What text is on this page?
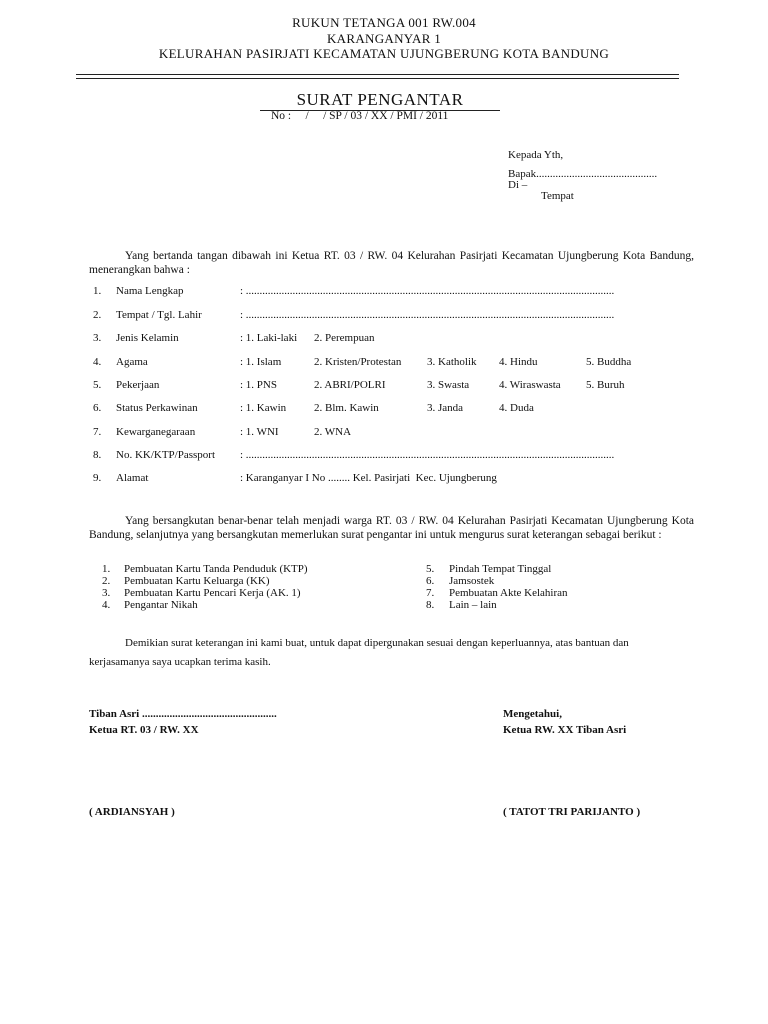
RUKUN TETANGA 001 RW.004
KARANGANYAR 1
KELURAHAN PASIRJATI KECAMATAN UJUNGBERUNG KOTA BANDUNG
SURAT PENGANTAR
No :     /     / SP / 03 / XX / PMI / 2011
Kepada Yth,
Bapak............................................
Di –
Tempat
Yang bertanda tangan dibawah ini Ketua RT. 03 / RW. 04 Kelurahan Pasirjati Kecamatan Ujungberung Kota Bandung, menerangkan bahwa :
1. Nama Lengkap	: ......................................................................................................................................
2. Tempat / Tgl. Lahir	: ......................................................................................................................................
3. Jenis Kelamin	: 1. Laki-laki 2. Perempuan
4. Agama	: 1. Islam	2. Kristen/Protestan 3. Katholik 4. Hindu	5. Buddha
5. Pekerjaan	: 1. PNS	2. ABRI/POLRI	3. Swasta	4. Wiraswasta 5. Buruh
6. Status Perkawinan	: 1. Kawin	2. Blm. Kawin	3. Janda	4. Duda
7. Kewarganegaraan	: 1. WNI	2. WNA
8. No. KK/KTP/Passport : ......................................................................................................................................
9. Alamat	: Karanganyar I No ........ Kel. Pasirjati  Kec. Ujungberung
Yang bersangkutan benar-benar telah menjadi warga RT. 03 / RW. 04 Kelurahan Pasirjati Kecamatan Ujungberung Kota Bandung, selanjutnya yang bersangkutan memerlukan surat pengantar ini untuk mengurus surat keterangan sebagai berikut :
1. Pembuatan Kartu Tanda Penduduk (KTP)
2. Pembuatan Kartu Keluarga (KK)
3. Pembuatan Kartu Pencari Kerja (AK. 1)
4. Pengantar Nikah
5. Pindah Tempat Tinggal
6. Jamsostek
7. Pembuatan Akte Kelahiran
8. Lain – lain
Demikian surat keterangan ini kami buat, untuk dapat dipergunakan sesuai dengan keperluannya, atas bantuan dan
kerjasamanya saya ucapkan terima kasih.
Tiban Asri .................................................
Ketua RT. 03 / RW. XX
( ARDIANSYAH )
Mengetahui,
Ketua RW. XX Tiban Asri
( TATOT TRI PARIJANTO )
